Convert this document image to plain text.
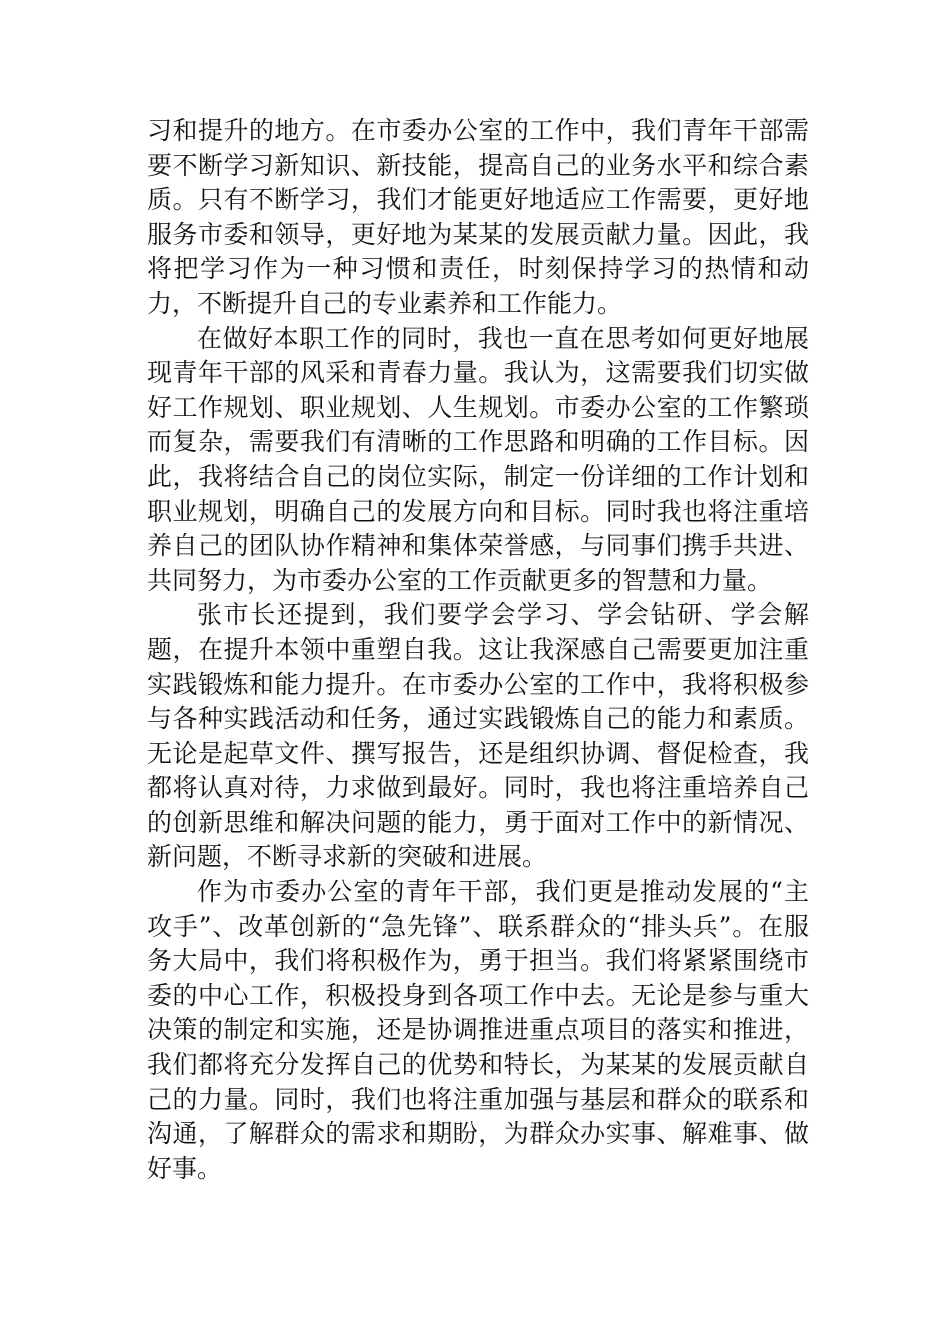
习和提升的地方。在市委办公室的工作中，我们青年干部需要不断学习新知识、新技能，提高自己的业务水平和综合素质。只有不断学习，我们才能更好地适应工作需要，更好地服务市委和领导，更好地为某某的发展贡献力量。因此，我将把学习作为一种习惯和责任，时刻保持学习的热情和动力，不断提升自己的专业素养和工作能力。

在做好本职工作的同时，我也一直在思考如何更好地展现青年干部的风采和青春力量。我认为，这需要我们切实做好工作规划、职业规划、人生规划。市委办公室的工作繁琐而复杂，需要我们有清晰的工作思路和明确的工作目标。因此，我将结合自己的岗位实际，制定一份详细的工作计划和职业规划，明确自己的发展方向和目标。同时我也将注重培养自己的团队协作精神和集体荣誉感，与同事们携手共进、共同努力，为市委办公室的工作贡献更多的智慧和力量。

张市长还提到，我们要学会学习、学会钻研、学会解题，在提升本领中重塑自我。这让我深感自己需要更加注重实践锻炼和能力提升。在市委办公室的工作中，我将积极参与各种实践活动和任务，通过实践锻炼自己的能力和素质。无论是起草文件、撰写报告，还是组织协调、督促检查，我都将认真对待，力求做到最好。同时，我也将注重培养自己的创新思维和解决问题的能力，勇于面对工作中的新情况、新问题，不断寻求新的突破和进展。

作为市委办公室的青年干部，我们更是推动发展的“主攻手”、改革创新的“急先锋”、联系群众的“排头兵”。在服务大局中，我们将积极作为，勇于担当。我们将紧紧围绕市委的中心工作，积极投身到各项工作中去。无论是参与重大决策的制定和实施，还是协调推进重点项目的落实和推进，我们都将充分发挥自己的优势和特长，为某某的发展贡献自己的力量。同时，我们也将注重加强与基层和群众的联系和沟通，了解群众的需求和期盼，为群众办实事、解难事、做好事。
